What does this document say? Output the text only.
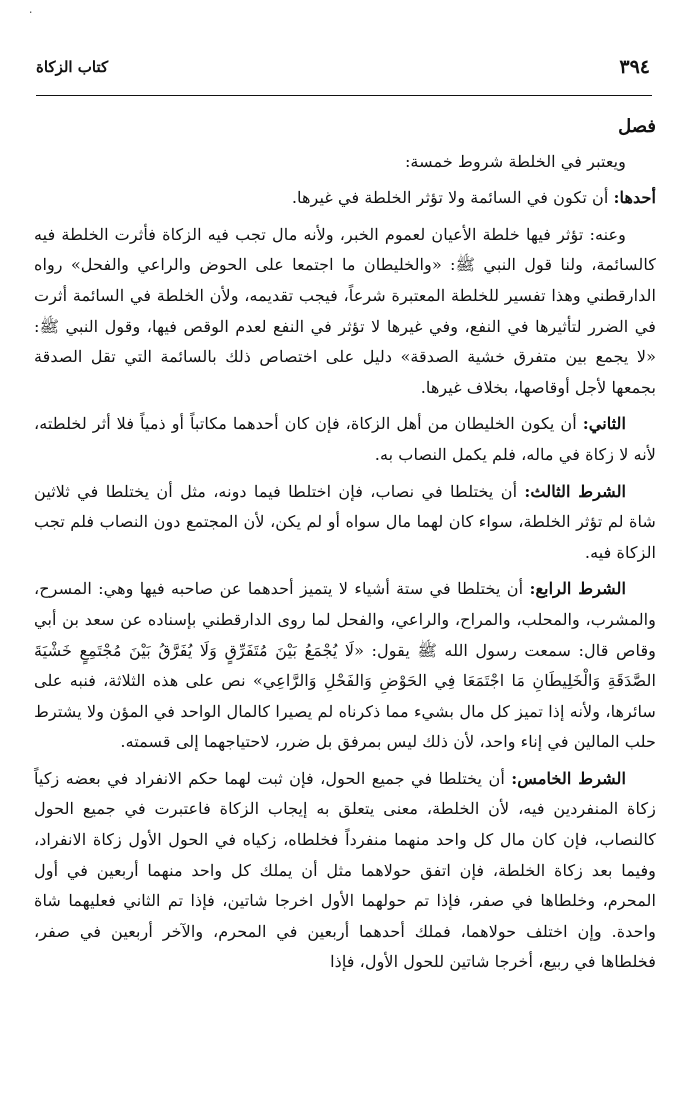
٠
٣٩٤
كتاب الزكاة

فصل

ويعتبر في الخلطة شروط خمسة:

أحدها: أن تكون في السائمة ولا تؤثر الخلطة في غيرها.

وعنه: تؤثر فيها خلطة الأعيان لعموم الخبر، ولأنه مال تجب فيه الزكاة فأثرت الخلطة فيه كالسائمة، ولنا قول النبي ﷺ: «والخليطان ما اجتمعا على الحوض والراعي والفحل» رواه الدارقطني وهذا تفسير للخلطة المعتبرة شرعاً، فيجب تقديمه، ولأن الخلطة في السائمة أثرت في الضرر لتأثيرها في النفع، وفي غيرها لا تؤثر في النفع لعدم الوقص فيها، وقول النبي ﷺ: «لا يجمع بين متفرق خشية الصدقة» دليل على اختصاص ذلك بالسائمة التي تقل الصدقة بجمعها لأجل أوقاصها، بخلاف غيرها.

الثاني: أن يكون الخليطان من أهل الزكاة، فإن كان أحدهما مكاتباً أو ذمياً فلا أثر لخلطته، لأنه لا زكاة في ماله، فلم يكمل النصاب به.

الشرط الثالث: أن يختلطا في نصاب، فإن اختلطا فيما دونه، مثل أن يختلطا في ثلاثين شاة لم تؤثر الخلطة، سواء كان لهما مال سواه أو لم يكن، لأن المجتمع دون النصاب فلم تجب الزكاة فيه.

الشرط الرابع: أن يختلطا في ستة أشياء لا يتميز أحدهما عن صاحبه فيها وهي: المسرح، والمشرب، والمحلب، والمراح، والراعي، والفحل لما روى الدارقطني بإسناده عن سعد بن أبي وقاص قال: سمعت رسول الله ﷺ يقول: «لَا يُجْمَعُ بَيْنَ مُتَفَرِّقٍ وَلَا يُفَرَّقُ بَيْنَ مُجْتَمِعٍ خَشْيَةَ الصَّدَقَةِ وَالْخَلِيطَانِ مَا اجْتَمَعَا فِي الحَوْضِ وَالفَحْلِ وَالرَّاعِي» نص على هذه الثلاثة، فنبه على سائرها، ولأنه إذا تميز كل مال بشيء مما ذكرناه لم يصيرا كالمال الواحد في المؤن ولا يشترط حلب المالين في إناء واحد، لأن ذلك ليس بمرفق بل ضرر، لاحتياجهما إلى قسمته.

الشرط الخامس: أن يختلطا في جميع الحول، فإن ثبت لهما حكم الانفراد في بعضه زكياً زكاة المنفردين فيه، لأن الخلطة، معنى يتعلق به إيجاب الزكاة فاعتبرت في جميع الحول كالنصاب، فإن كان مال كل واحد منهما منفرداً فخلطاه، زكياه في الحول الأول زكاة الانفراد، وفيما بعد زكاة الخلطة، فإن اتفق حولاهما مثل أن يملك كل واحد منهما أربعين في أول المحرم، وخلطاها في صفر، فإذا تم حولهما الأول اخرجا شاتين، فإذا تم الثاني فعليهما شاة واحدة. وإن اختلف حولاهما، فملك أحدهما أربعين في المحرم، والآخر أربعين في صفر، فخلطاها في ربيع، أخرجا شاتين للحول الأول، فإذا
